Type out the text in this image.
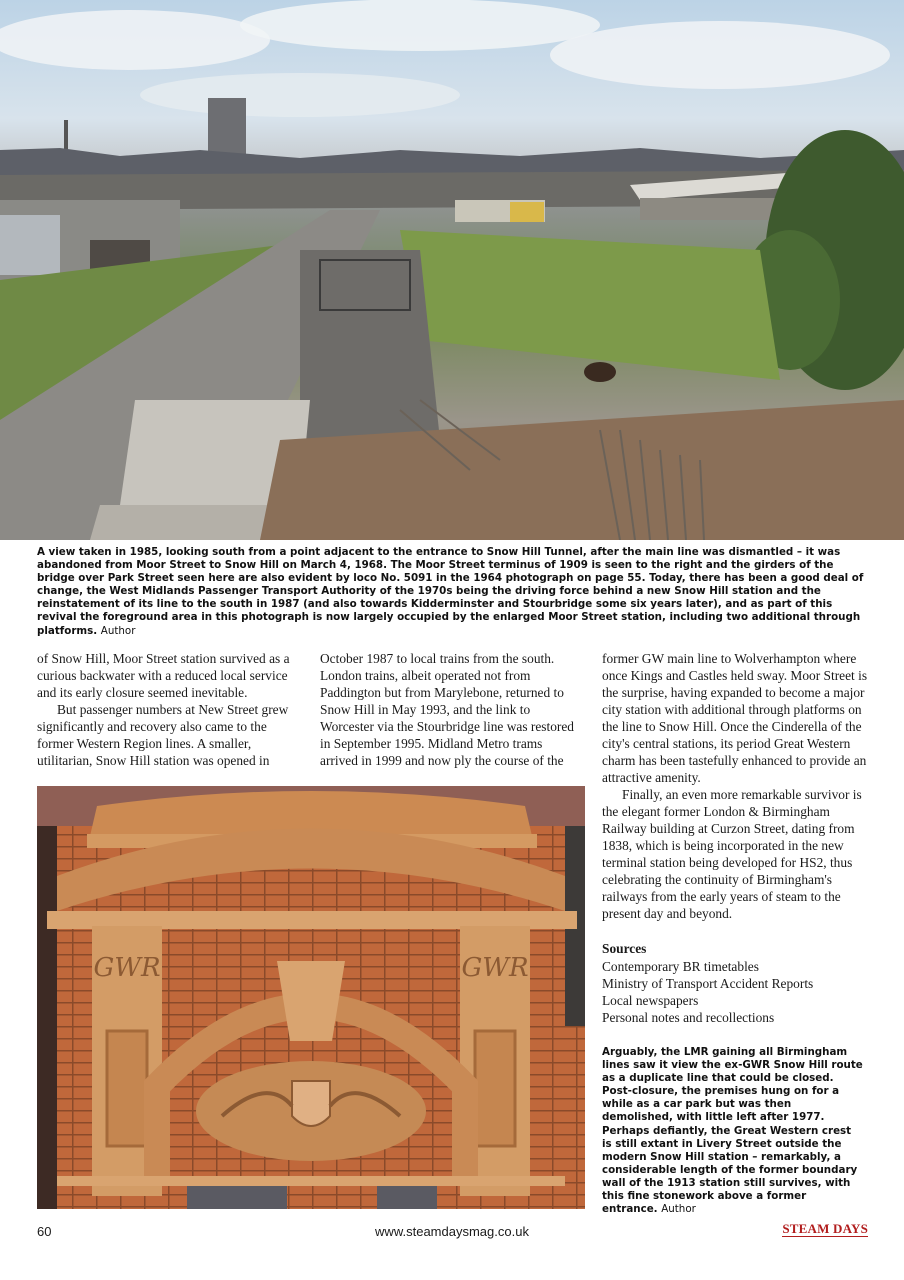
A view taken in 1985, looking south from a point adjacent to the entrance to Snow Hill Tunnel, after the main line was dismantled – it was abandoned from Moor Street to Snow Hill on March 4, 1968. The Moor Street terminus of 1909 is seen to the right and the girders of the bridge over Park Street seen here are also evident by loco No. 5091 in the 1964 photograph on page 55. Today, there has been a good deal of change, the West Midlands Passenger Transport Authority of the 1970s being the driving force behind a new Snow Hill station and the reinstatement of its line to the south in 1987 (and also towards Kidderminster and Stourbridge some six years later), and as part of this revival the foreground area in this photograph is now largely occupied by the enlarged Moor Street station, including two additional through platforms. Author

of Snow Hill, Moor Street station survived as a curious backwater with a reduced local service and its early closure seemed inevitable.

But passenger numbers at New Street grew significantly and recovery also came to the former Western Region lines. A smaller, utilitarian, Snow Hill station was opened in

October 1987 to local trains from the south. London trains, albeit operated not from Paddington but from Marylebone, returned to Snow Hill in May 1993, and the link to Worcester via the Stourbridge line was restored in September 1995. Midland Metro trams arrived in 1999 and now ply the course of the

former GW main line to Wolverhampton where once Kings and Castles held sway. Moor Street is the surprise, having expanded to become a major city station with additional through platforms on the line to Snow Hill. Once the Cinderella of the city's central stations, its period Great Western charm has been tastefully enhanced to provide an attractive amenity.

Finally, an even more remarkable survivor is the elegant former London & Birmingham Railway building at Curzon Street, dating from 1838, which is being incorporated in the new terminal station being developed for HS2, thus celebrating the continuity of Birmingham's railways from the early years of steam to the present day and beyond.

GWR	GWR
Sources
Contemporary BR timetables
Ministry of Transport Accident Reports
Local newspapers
Personal notes and recollections
Arguably, the LMR gaining all Birmingham lines saw it view the ex-GWR Snow Hill route as a duplicate line that could be closed. Post-closure, the premises hung on for a while as a car park but was then demolished, with little left after 1977. Perhaps defiantly, the Great Western crest is still extant in Livery Street outside the modern Snow Hill station – remarkably, a considerable length of the former boundary wall of the 1913 station still survives, with this fine stonework above a former entrance. Author
60	www.steamdaysmag.co.uk	STEAM DAYS
